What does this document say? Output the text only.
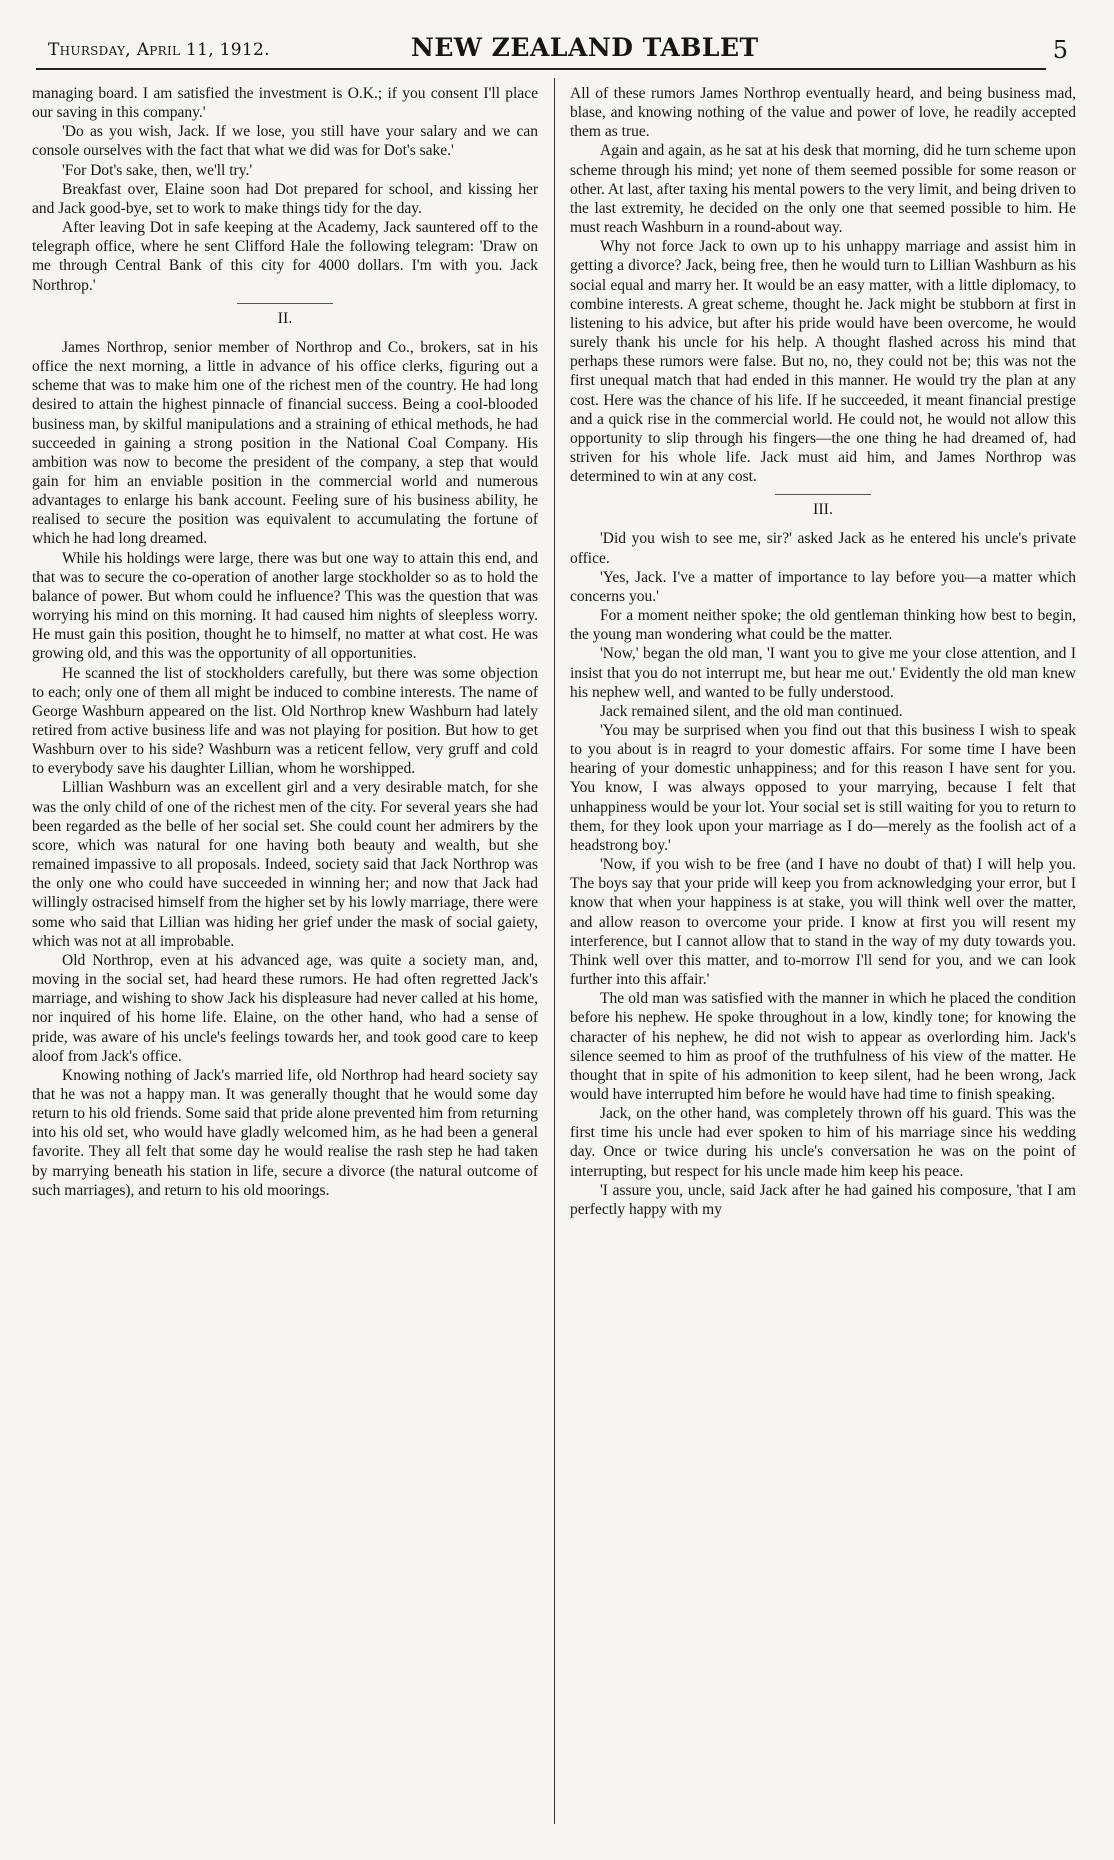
Thursday, April 11, 1912.	NEW ZEALAND TABLET	5

managing board. I am satisfied the investment is O.K.; if you consent I'll place our saving in this company.'

'Do as you wish, Jack. If we lose, you still have your salary and we can console ourselves with the fact that what we did was for Dot's sake.'

'For Dot's sake, then, we'll try.'

Breakfast over, Elaine soon had Dot prepared for school, and kissing her and Jack good-bye, set to work to make things tidy for the day.

After leaving Dot in safe keeping at the Academy, Jack sauntered off to the telegraph office, where he sent Clifford Hale the following telegram: 'Draw on me through Central Bank of this city for 4000 dollars. I'm with you. Jack Northrop.'

II.

James Northrop, senior member of Northrop and Co., brokers, sat in his office the next morning, a little in advance of his office clerks, figuring out a scheme that was to make him one of the richest men of the country. He had long desired to attain the highest pinnacle of financial success. Being a cool-blooded business man, by skilful manipulations and a straining of ethical methods, he had succeeded in gaining a strong position in the National Coal Company. His ambition was now to become the president of the company, a step that would gain for him an enviable position in the commercial world and numerous advantages to enlarge his bank account. Feeling sure of his business ability, he realised to secure the position was equivalent to accumulating the fortune of which he had long dreamed.

While his holdings were large, there was but one way to attain this end, and that was to secure the co-operation of another large stockholder so as to hold the balance of power. But whom could he influence? This was the question that was worrying his mind on this morning. It had caused him nights of sleepless worry. He must gain this position, thought he to himself, no matter at what cost. He was growing old, and this was the opportunity of all opportunities.

He scanned the list of stockholders carefully, but there was some objection to each; only one of them all might be induced to combine interests. The name of George Washburn appeared on the list. Old Northrop knew Washburn had lately retired from active business life and was not playing for position. But how to get Washburn over to his side? Washburn was a reticent fellow, very gruff and cold to everybody save his daughter Lillian, whom he worshipped.

Lillian Washburn was an excellent girl and a very desirable match, for she was the only child of one of the richest men of the city. For several years she had been regarded as the belle of her social set. She could count her admirers by the score, which was natural for one having both beauty and wealth, but she remained impassive to all proposals. Indeed, society said that Jack Northrop was the only one who could have succeeded in winning her; and now that Jack had willingly ostracised himself from the higher set by his lowly marriage, there were some who said that Lillian was hiding her grief under the mask of social gaiety, which was not at all improbable.

Old Northrop, even at his advanced age, was quite a society man, and, moving in the social set, had heard these rumors. He had often regretted Jack's marriage, and wishing to show Jack his displeasure had never called at his home, nor inquired of his home life. Elaine, on the other hand, who had a sense of pride, was aware of his uncle's feelings towards her, and took good care to keep aloof from Jack's office.

Knowing nothing of Jack's married life, old Northrop had heard society say that he was not a happy man. It was generally thought that he would some day return to his old friends. Some said that pride alone prevented him from returning into his old set, who would have gladly welcomed him, as he had been a general favorite. They all felt that some day he would realise the rash step he had taken by marrying beneath his station in life, secure a divorce (the natural outcome of such marriages), and return to his old moorings.

All of these rumors James Northrop eventually heard, and being business mad, blase, and knowing nothing of the value and power of love, he readily accepted them as true.

Again and again, as he sat at his desk that morning, did he turn scheme upon scheme through his mind; yet none of them seemed possible for some reason or other. At last, after taxing his mental powers to the very limit, and being driven to the last extremity, he decided on the only one that seemed possible to him. He must reach Washburn in a round-about way.

Why not force Jack to own up to his unhappy marriage and assist him in getting a divorce? Jack, being free, then he would turn to Lillian Washburn as his social equal and marry her. It would be an easy matter, with a little diplomacy, to combine interests. A great scheme, thought he. Jack might be stubborn at first in listening to his advice, but after his pride would have been overcome, he would surely thank his uncle for his help. A thought flashed across his mind that perhaps these rumors were false. But no, no, they could not be; this was not the first unequal match that had ended in this manner. He would try the plan at any cost. Here was the chance of his life. If he succeeded, it meant financial prestige and a quick rise in the commercial world. He could not, he would not allow this opportunity to slip through his fingers—the one thing he had dreamed of, had striven for his whole life. Jack must aid him, and James Northrop was determined to win at any cost.

III.

'Did you wish to see me, sir?' asked Jack as he entered his uncle's private office.

'Yes, Jack. I've a matter of importance to lay before you—a matter which concerns you.'

For a moment neither spoke; the old gentleman thinking how best to begin, the young man wondering what could be the matter.

'Now,' began the old man, 'I want you to give me your close attention, and I insist that you do not interrupt me, but hear me out.' Evidently the old man knew his nephew well, and wanted to be fully understood.

Jack remained silent, and the old man continued.

'You may be surprised when you find out that this business I wish to speak to you about is in reagrd to your domestic affairs. For some time I have been hearing of your domestic unhappiness; and for this reason I have sent for you. You know, I was always opposed to your marrying, because I felt that unhappiness would be your lot. Your social set is still waiting for you to return to them, for they look upon your marriage as I do—merely as the foolish act of a headstrong boy.'

'Now, if you wish to be free (and I have no doubt of that) I will help you. The boys say that your pride will keep you from acknowledging your error, but I know that when your happiness is at stake, you will think well over the matter, and allow reason to overcome your pride. I know at first you will resent my interference, but I cannot allow that to stand in the way of my duty towards you. Think well over this matter, and to-morrow I'll send for you, and we can look further into this affair.'

The old man was satisfied with the manner in which he placed the condition before his nephew. He spoke throughout in a low, kindly tone; for knowing the character of his nephew, he did not wish to appear as overlording him. Jack's silence seemed to him as proof of the truthfulness of his view of the matter. He thought that in spite of his admonition to keep silent, had he been wrong, Jack would have interrupted him before he would have had time to finish speaking.

Jack, on the other hand, was completely thrown off his guard. This was the first time his uncle had ever spoken to him of his marriage since his wedding day. Once or twice during his uncle's conversation he was on the point of interrupting, but respect for his uncle made him keep his peace.

'I assure you, uncle, said Jack after he had gained his composure, 'that I am perfectly happy with my
